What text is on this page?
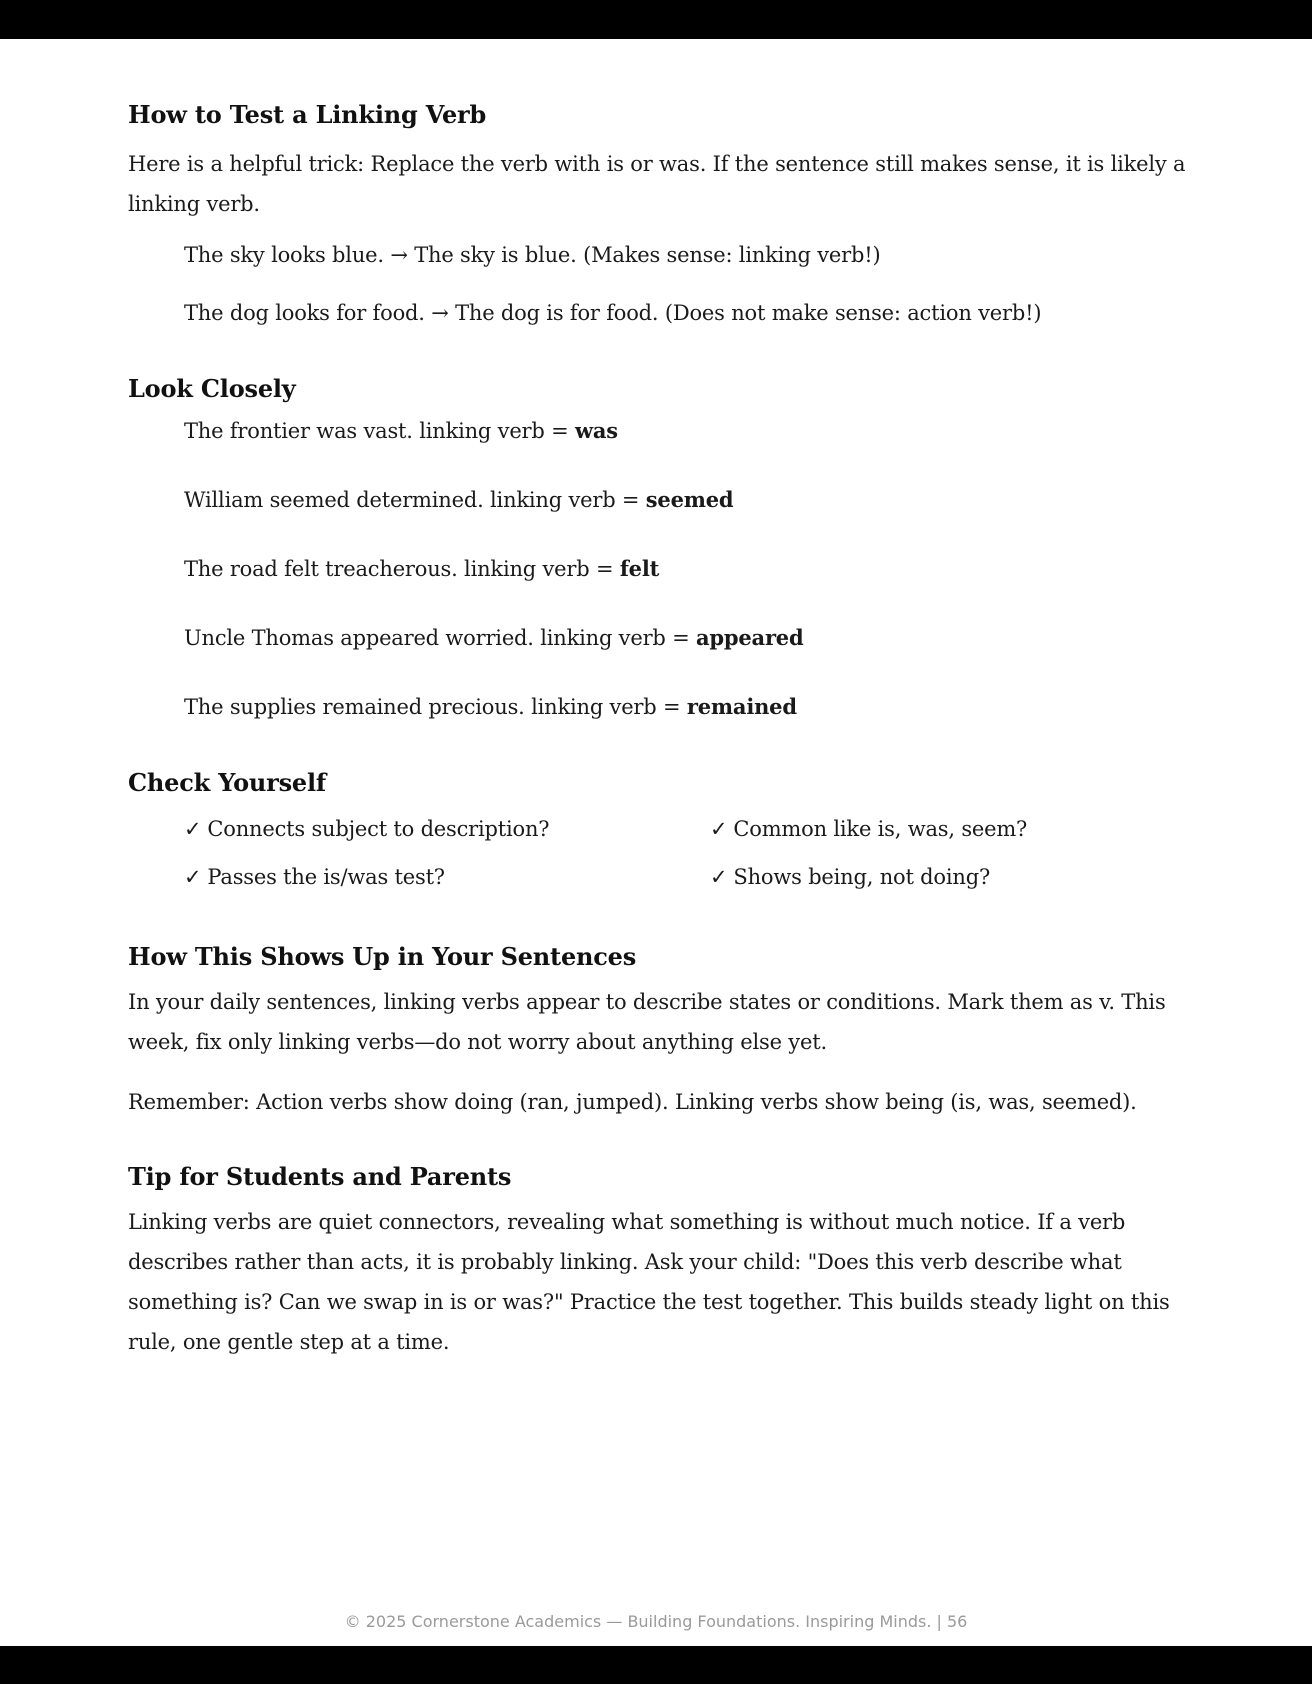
How to Test a Linking Verb

Here is a helpful trick: Replace the verb with is or was. If the sentence still makes sense, it is likely a linking verb.

The sky looks blue. → The sky is blue. (Makes sense: linking verb!)
The dog looks for food. → The dog is for food. (Does not make sense: action verb!)
Look Closely
The frontier was vast. linking verb = was
William seemed determined. linking verb = seemed
The road felt treacherous. linking verb = felt
Uncle Thomas appeared worried. linking verb = appeared
The supplies remained precious. linking verb = remained
Check Yourself
✓ Connects subject to description?	✓ Common like is, was, seem?
✓ Passes the is/was test?	✓ Shows being, not doing?
How This Shows Up in Your Sentences

In your daily sentences, linking verbs appear to describe states or conditions. Mark them as v. This week, fix only linking verbs—do not worry about anything else yet.

Remember: Action verbs show doing (ran, jumped). Linking verbs show being (is, was, seemed).

Tip for Students and Parents

Linking verbs are quiet connectors, revealing what something is without much notice. If a verb describes rather than acts, it is probably linking. Ask your child: "Does this verb describe what something is? Can we swap in is or was?" Practice the test together. This builds steady light on this rule, one gentle step at a time.

© 2025 Cornerstone Academics — Building Foundations. Inspiring Minds. | 56
